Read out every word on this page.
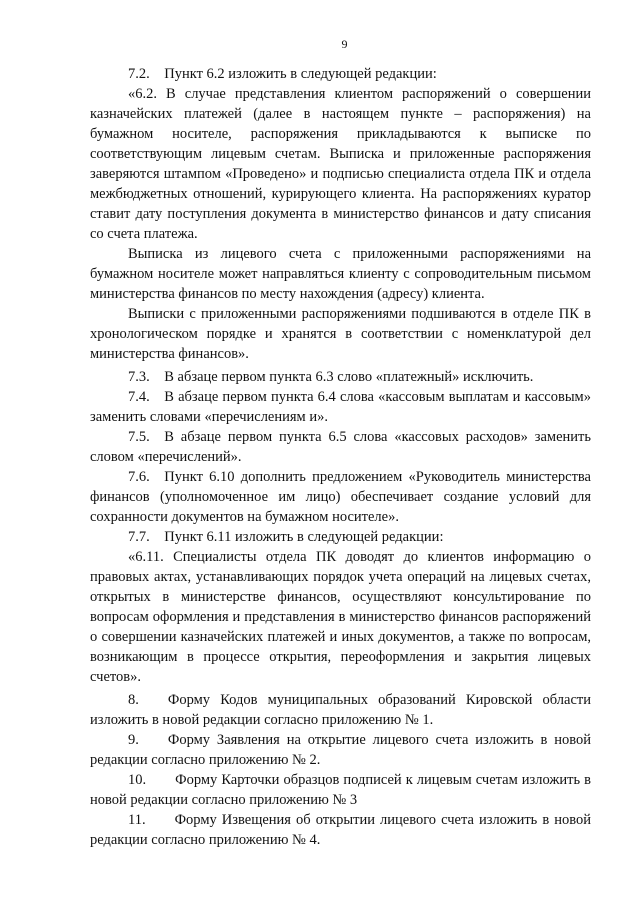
9

7.2. Пункт 6.2 изложить в следующей редакции:

«6.2. В случае представления клиентом распоряжений о совершении казначейских платежей (далее в настоящем пункте – распоряжения) на бумажном носителе, распоряжения прикладываются к выписке по соответствующим лицевым счетам. Выписка и приложенные распоряжения заверяются штампом «Проведено» и подписью специалиста отдела ПК и отдела межбюджетных отношений, курирующего клиента. На распоряжениях куратор ставит дату поступления документа в министерство финансов и дату списания со счета платежа.

Выписка из лицевого счета с приложенными распоряжениями на бумажном носителе может направляться клиенту с сопроводительным письмом министерства финансов по месту нахождения (адресу) клиента.

Выписки с приложенными распоряжениями подшиваются в отделе ПК в хронологическом порядке и хранятся в соответствии с номенклатурой дел министерства финансов».

7.3. В абзаце первом пункта 6.3 слово «платежный» исключить.

7.4. В абзаце первом пункта 6.4 слова «кассовым выплатам и кассовым» заменить словами «перечислениям и».

7.5. В абзаце первом пункта 6.5 слова «кассовых расходов» заменить словом «перечислений».

7.6. Пункт 6.10 дополнить предложением «Руководитель министерства финансов (уполномоченное им лицо) обеспечивает создание условий для сохранности документов на бумажном носителе».

7.7. Пункт 6.11 изложить в следующей редакции:

«6.11. Специалисты отдела ПК доводят до клиентов информацию о правовых актах, устанавливающих порядок учета операций на лицевых счетах, открытых в министерстве финансов, осуществляют консультирование по вопросам оформления и представления в министерство финансов распоряжений о совершении казначейских платежей и иных документов, а также по вопросам, возникающим в процессе открытия, переоформления и закрытия лицевых счетов».

8.  Форму Кодов муниципальных образований Кировской области изложить в новой редакции согласно приложению № 1.

9.  Форму Заявления на открытие лицевого счета изложить в новой редакции согласно приложению № 2.

10.  Форму Карточки образцов подписей к лицевым счетам изложить в новой редакции согласно приложению № 3

11.  Форму Извещения об открытии лицевого счета изложить в новой редакции согласно приложению № 4.
